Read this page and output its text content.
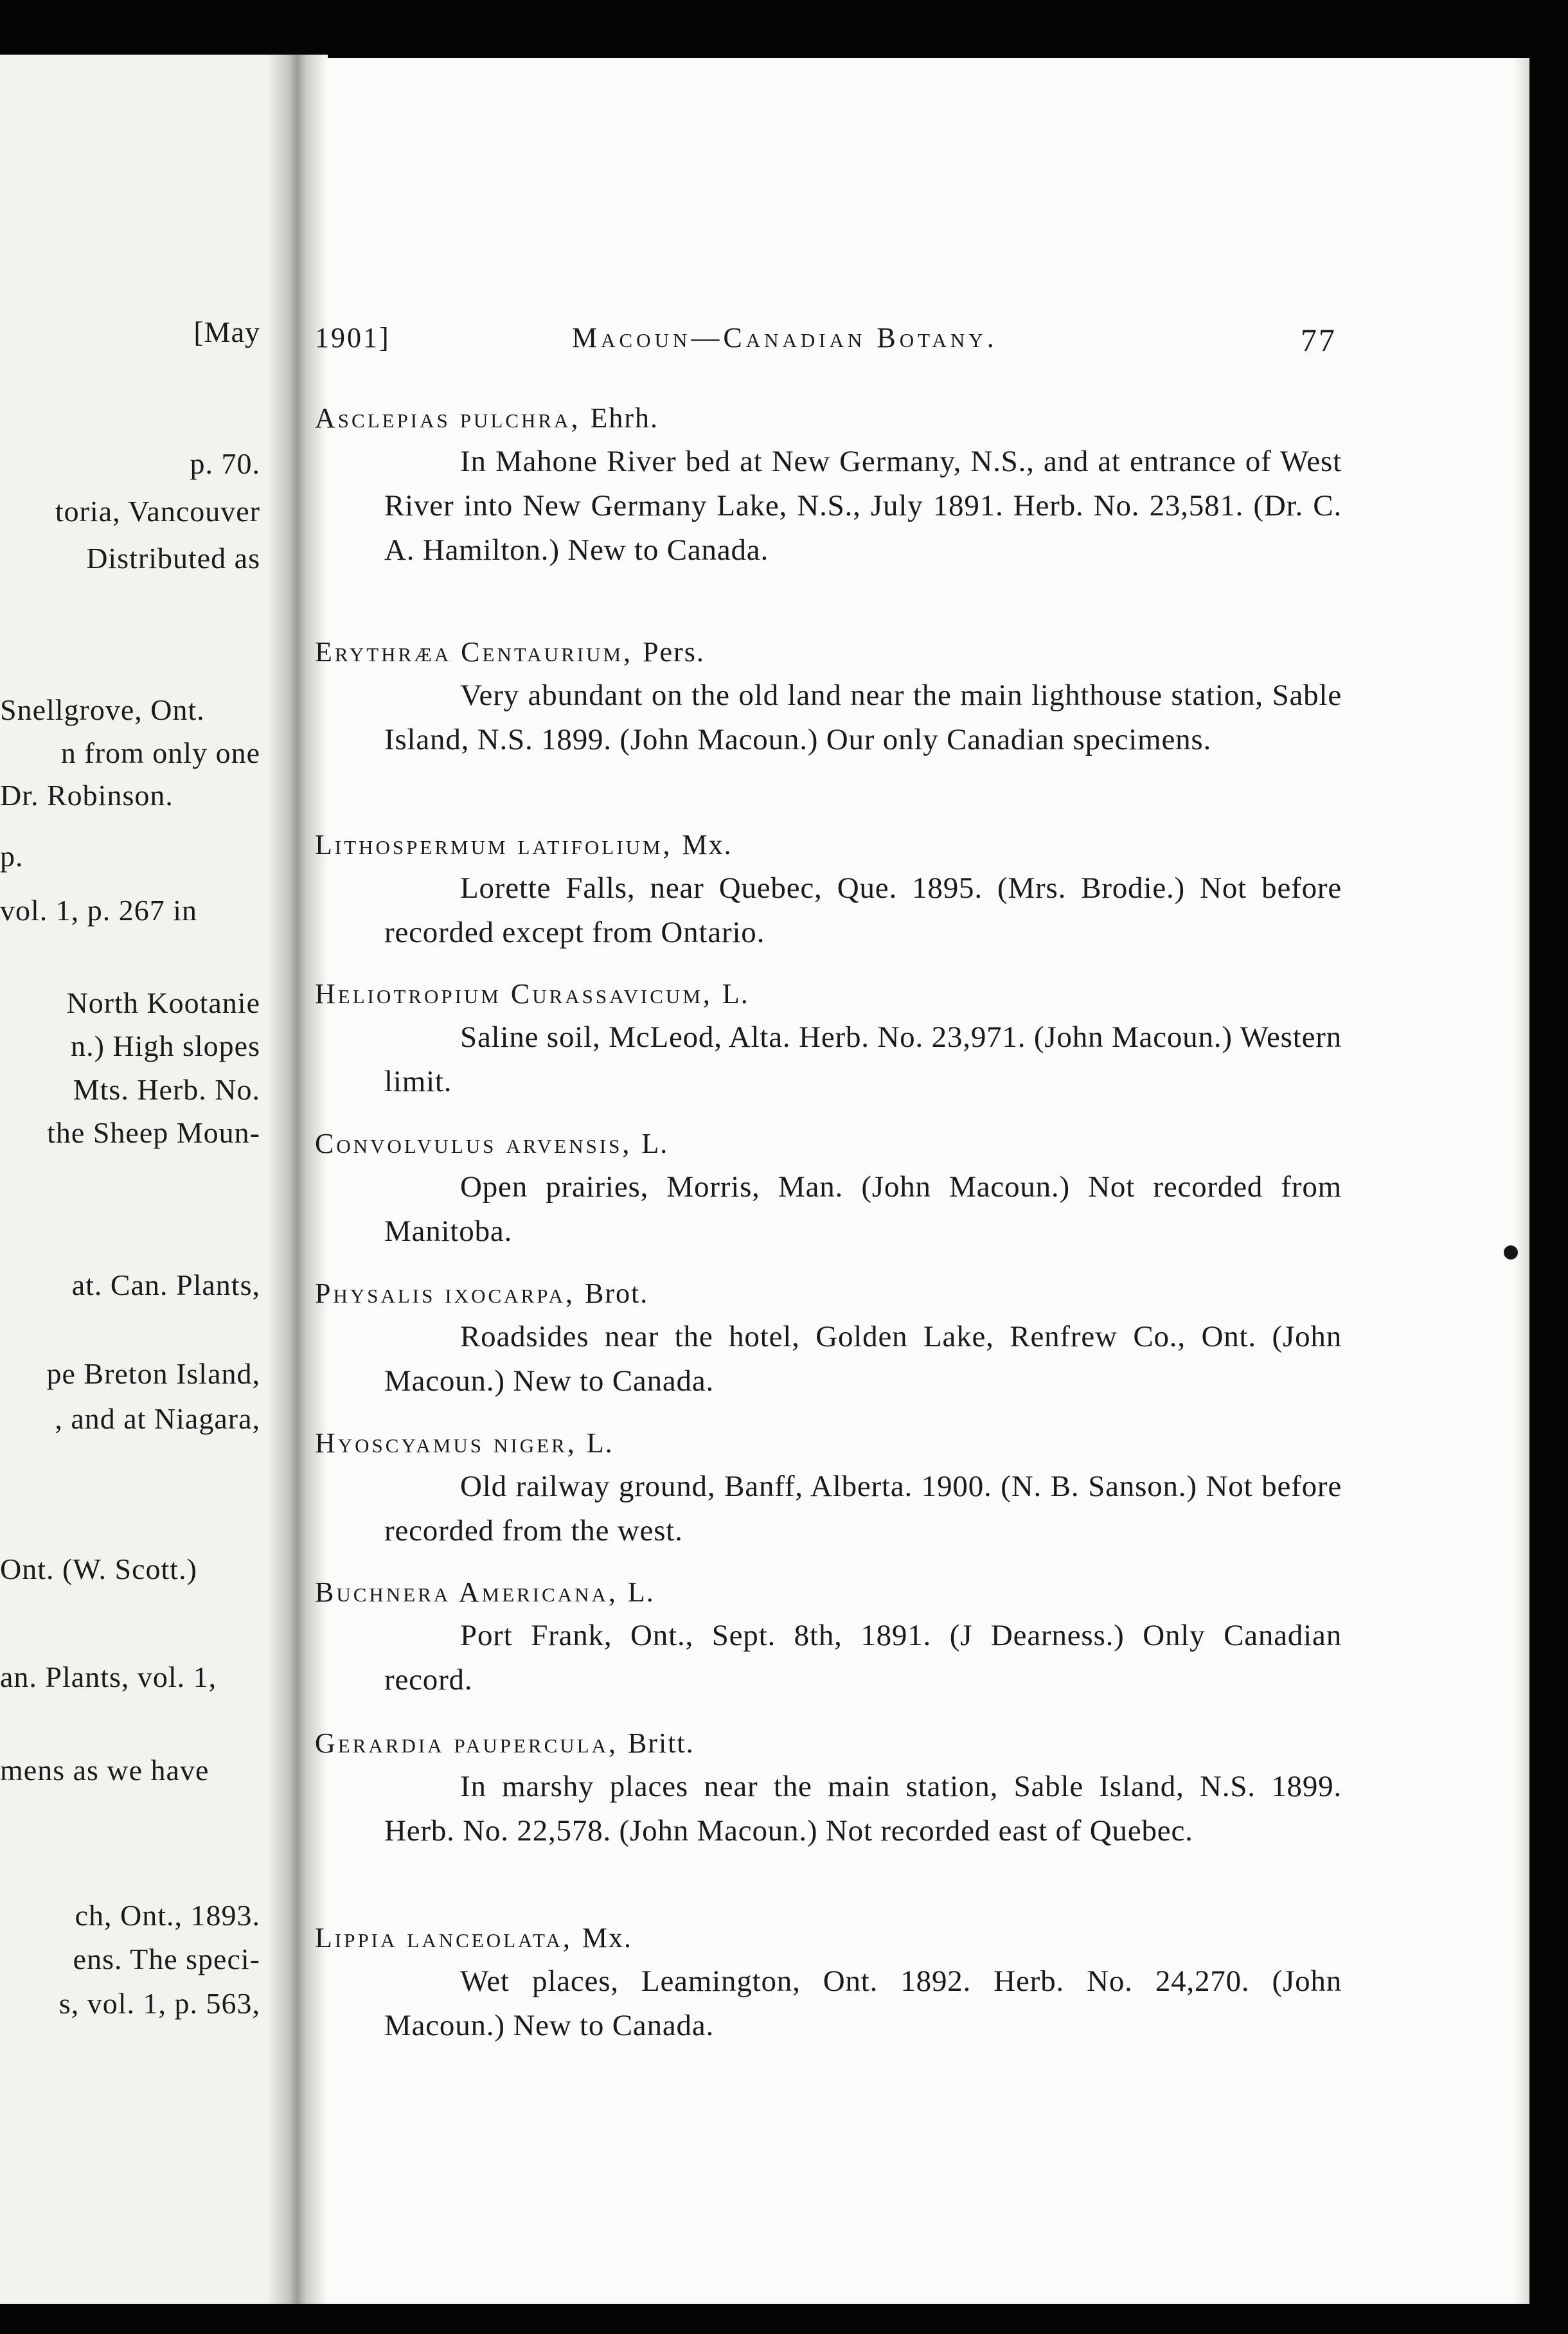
[May
p. 70.
toria, Vancouver
Distributed as
Snellgrove, Ont.
n from only one
Dr. Robinson.
p.
vol. 1, p. 267 in
North Kootanie
n.) High slopes
Mts. Herb. No.
the Sheep Moun-
at. Can. Plants,
pe Breton Island,
, and at Niagara,
Ont. (W. Scott.)
an. Plants, vol. 1,
mens as we have
ch, Ont., 1893.
ens. The speci-
s, vol. 1, p. 563,
1901]	Macoun—Canadian Botany.	77
Asclepias pulchra, Ehrh.
In Mahone River bed at New Germany, N.S., and at entrance of West River into New Germany Lake, N.S., July 1891. Herb. No. 23,581. (Dr. C. A. Hamilton.) New to Canada.
Erythræa Centaurium, Pers.
Very abundant on the old land near the main lighthouse station, Sable Island, N.S. 1899. (John Macoun.) Our only Canadian specimens.
Lithospermum latifolium, Mx.
Lorette Falls, near Quebec, Que. 1895. (Mrs. Brodie.) Not before recorded except from Ontario.
Heliotropium Curassavicum, L.
Saline soil, McLeod, Alta. Herb. No. 23,971. (John Macoun.) Western limit.
Convolvulus arvensis, L.
Open prairies, Morris, Man. (John Macoun.) Not recorded from Manitoba.
Physalis ixocarpa, Brot.
Roadsides near the hotel, Golden Lake, Renfrew Co., Ont. (John Macoun.) New to Canada.
Hyoscyamus niger, L.
Old railway ground, Banff, Alberta. 1900. (N. B. Sanson.) Not before recorded from the west.
Buchnera Americana, L.
Port Frank, Ont., Sept. 8th, 1891. (J Dearness.) Only Canadian record.
Gerardia paupercula, Britt.
In marshy places near the main station, Sable Island, N.S. 1899. Herb. No. 22,578. (John Macoun.) Not recorded east of Quebec.
Lippia lanceolata, Mx.
Wet places, Leamington, Ont. 1892. Herb. No. 24,270. (John Macoun.) New to Canada.
